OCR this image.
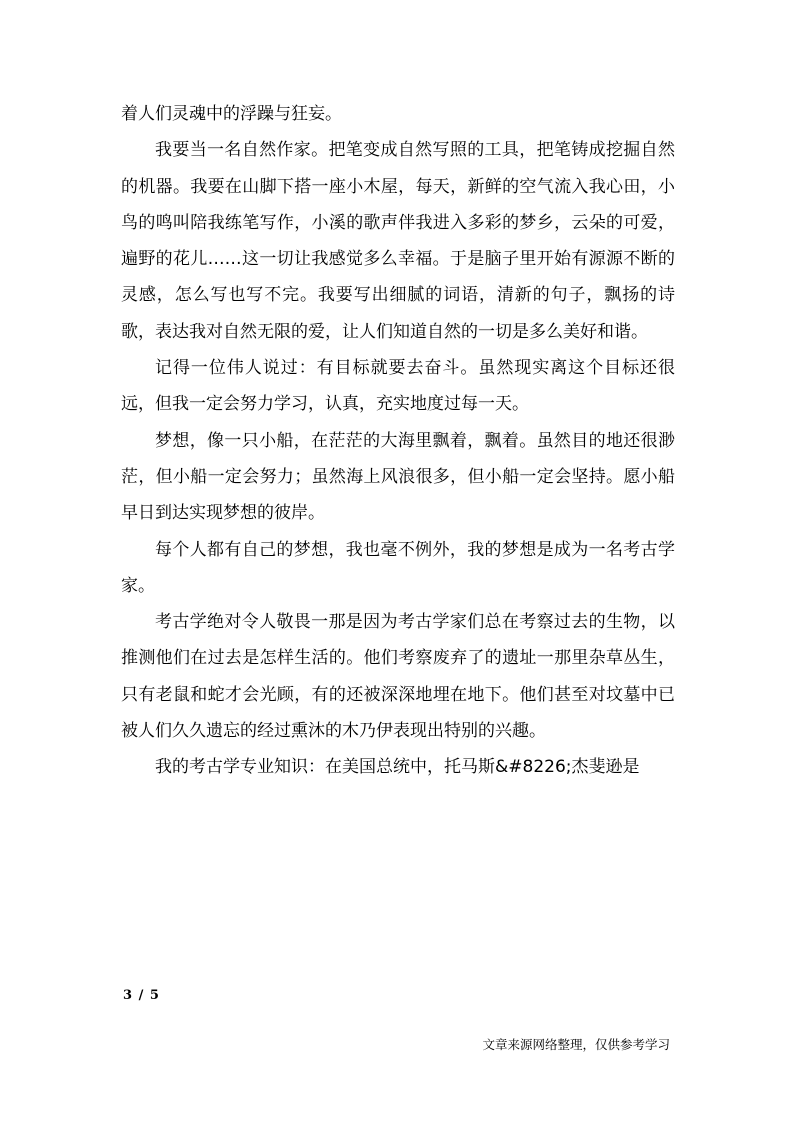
着人们灵魂中的浮躁与狂妄。

我要当一名自然作家。把笔变成自然写照的工具，把笔铸成挖掘自然的机器。我要在山脚下搭一座小木屋，每天，新鲜的空气流入我心田，小鸟的鸣叫陪我练笔写作，小溪的歌声伴我进入多彩的梦乡，云朵的可爱，遍野的花儿……这一切让我感觉多么幸福。于是脑子里开始有源源不断的灵感，怎么写也写不完。我要写出细腻的词语，清新的句子，飘扬的诗歌，表达我对自然无限的爱，让人们知道自然的一切是多么美好和谐。

记得一位伟人说过：有目标就要去奋斗。虽然现实离这个目标还很远，但我一定会努力学习，认真，充实地度过每一天。

梦想，像一只小船，在茫茫的大海里飘着，飘着。虽然目的地还很渺茫，但小船一定会努力；虽然海上风浪很多，但小船一定会坚持。愿小船早日到达实现梦想的彼岸。

每个人都有自己的梦想，我也毫不例外，我的梦想是成为一名考古学家。

考古学绝对令人敬畏一那是因为考古学家们总在考察过去的生物，以推测他们在过去是怎样生活的。他们考察废弃了的遗址一那里杂草丛生，只有老鼠和蛇才会光顾，有的还被深深地埋在地下。他们甚至对坟墓中已被人们久久遗忘的经过熏沐的木乃伊表现出特别的兴趣。

我的考古学专业知识：在美国总统中，托马斯&#8226;杰斐逊是

3 / 5
文章来源网络整理，仅供参考学习
